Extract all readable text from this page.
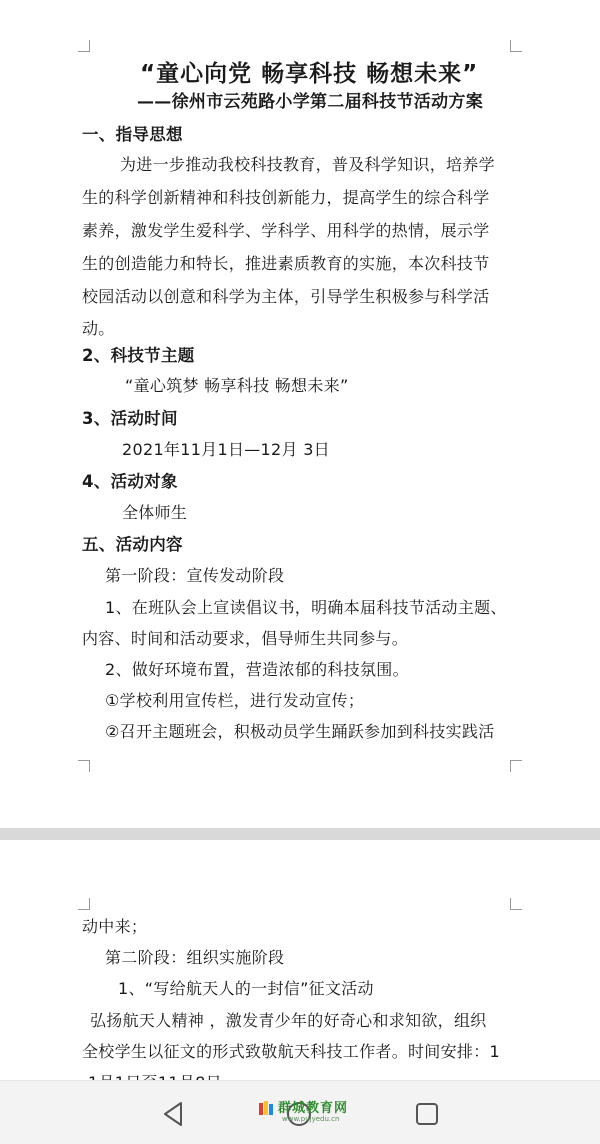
“童心向党 畅享科技 畅想未来”
——徐州市云苑路小学第二届科技节活动方案
一、指导思想
为进一步推动我校科技教育，普及科学知识，培养学
生的科学创新精神和科技创新能力，提高学生的综合科学
素养，激发学生爱科学、学科学、用科学的热情，展示学
生的创造能力和特长，推进素质教育的实施，本次科技节
校园活动以创意和科学为主体，引导学生积极参与科学活
动。
2、科技节主题
“童心筑梦 畅享科技 畅想未来”
3、活动时间
2021年11月1日—12月 3日
4、活动对象
全体师生
五、活动内容
第一阶段：宣传发动阶段
1、在班队会上宣读倡议书，明确本届科技节活动主题、
内容、时间和活动要求，倡导师生共同参与。
2、做好环境布置，营造浓郁的科技氛围。
①学校利用宣传栏，进行发动宣传；
②召开主题班会，积极动员学生踊跃参加到科技实践活
动中来；
第二阶段：组织实施阶段
1、“写给航天人的一封信”征文活动
弘扬航天人精神 ，激发青少年的好奇心和求知欲，组织
全校学生以征文的形式致敬航天科技工作者。时间安排：1
群城教育网
www.pujyedu.cn
